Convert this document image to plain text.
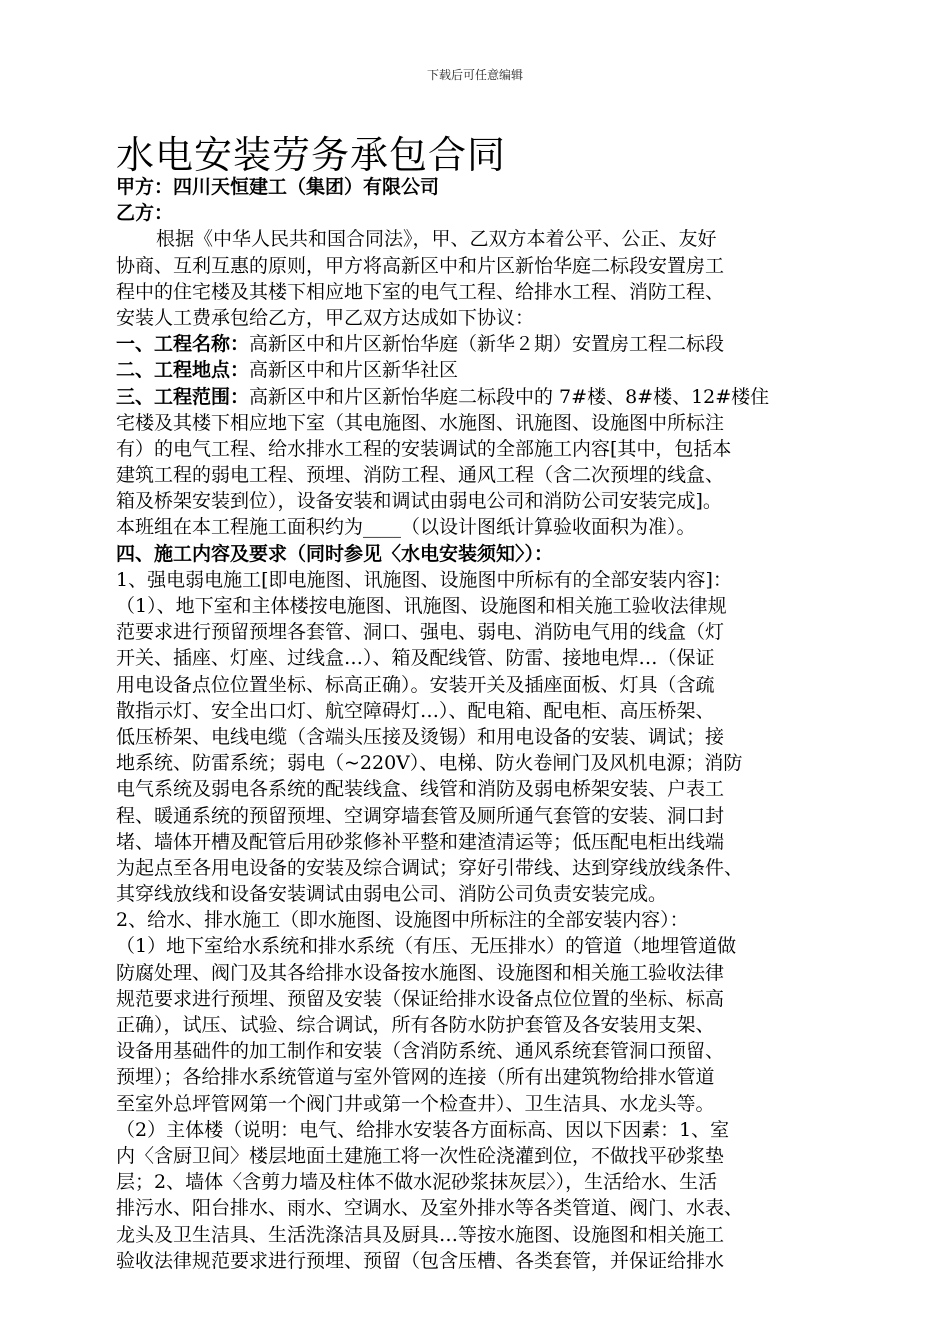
下载后可任意编辑
水电安装劳务承包合同
甲方：四川天恒建工（集团）有限公司
乙方：
根据《中华人民共和国合同法》，甲、乙双方本着公平、公正、友好
协商、互利互惠的原则，甲方将高新区中和片区新怡华庭二标段安置房工
程中的住宅楼及其楼下相应地下室的电气工程、给排水工程、消防工程、
安装人工费承包给乙方，甲乙双方达成如下协议：
一、工程名称：高新区中和片区新怡华庭（新华２期）安置房工程二标段
二、工程地点：高新区中和片区新华社区
三、工程范围：高新区中和片区新怡华庭二标段中的 7#楼、8#楼、12#楼住
宅楼及其楼下相应地下室（其电施图、水施图、讯施图、设施图中所标注
有）的电气工程、给水排水工程的安装调试的全部施工内容[其中，包括本
建筑工程的弱电工程、预埋、消防工程、通风工程（含二次预埋的线盒、
箱及桥架安装到位），设备安装和调试由弱电公司和消防公司安装完成]。
本班组在本工程施工面积约为____（以设计图纸计算验收面积为准）。
四、施工内容及要求（同时参见〈水电安装须知〉）：
1、强电弱电施工[即电施图、讯施图、设施图中所标有的全部安装内容]：
（1）、地下室和主体楼按电施图、讯施图、设施图和相关施工验收法律规
范要求进行预留预埋各套管、洞口、强电、弱电、消防电气用的线盒（灯
开关、插座、灯座、过线盒…）、箱及配线管、防雷、接地电焊…（保证
用电设备点位位置坐标、标高正确）。安装开关及插座面板、灯具（含疏
散指示灯、安全出口灯、航空障碍灯…）、配电箱、配电柜、高压桥架、
低压桥架、电线电缆（含端头压接及烫锡）和用电设备的安装、调试；接
地系统、防雷系统；弱电（~220V）、电梯、防火卷闸门及风机电源；消防
电气系统及弱电各系统的配装线盒、线管和消防及弱电桥架安装、户表工
程、暖通系统的预留预埋、空调穿墙套管及厕所通气套管的安装、洞口封
堵、墙体开槽及配管后用砂浆修补平整和建渣清运等；低压配电柜出线端
为起点至各用电设备的安装及综合调试；穿好引带线、达到穿线放线条件、
其穿线放线和设备安装调试由弱电公司、消防公司负责安装完成。
2、给水、排水施工（即水施图、设施图中所标注的全部安装内容）：
（1）地下室给水系统和排水系统（有压、无压排水）的管道（地埋管道做
防腐处理、阀门及其各给排水设备按水施图、设施图和相关施工验收法律
规范要求进行预埋、预留及安装（保证给排水设备点位位置的坐标、标高
正确），试压、试验、综合调试，所有各防水防护套管及各安装用支架、
设备用基础件的加工制作和安装（含消防系统、通风系统套管洞口预留、
预埋）；各给排水系统管道与室外管网的连接（所有出建筑物给排水管道
至室外总坪管网第一个阀门井或第一个检查井）、卫生洁具、水龙头等。
（2）主体楼（说明：电气、给排水安装各方面标高、因以下因素：1、室
内〈含厨卫间〉楼层地面土建施工将一次性砼浇灌到位，不做找平砂浆垫
层；2、墙体〈含剪力墙及柱体不做水泥砂浆抹灰层〉），生活给水、生活
排污水、阳台排水、雨水、空调水、及室外排水等各类管道、阀门、水表、
龙头及卫生洁具、生活洗涤洁具及厨具…等按水施图、设施图和相关施工
验收法律规范要求进行预埋、预留（包含压槽、各类套管，并保证给排水
